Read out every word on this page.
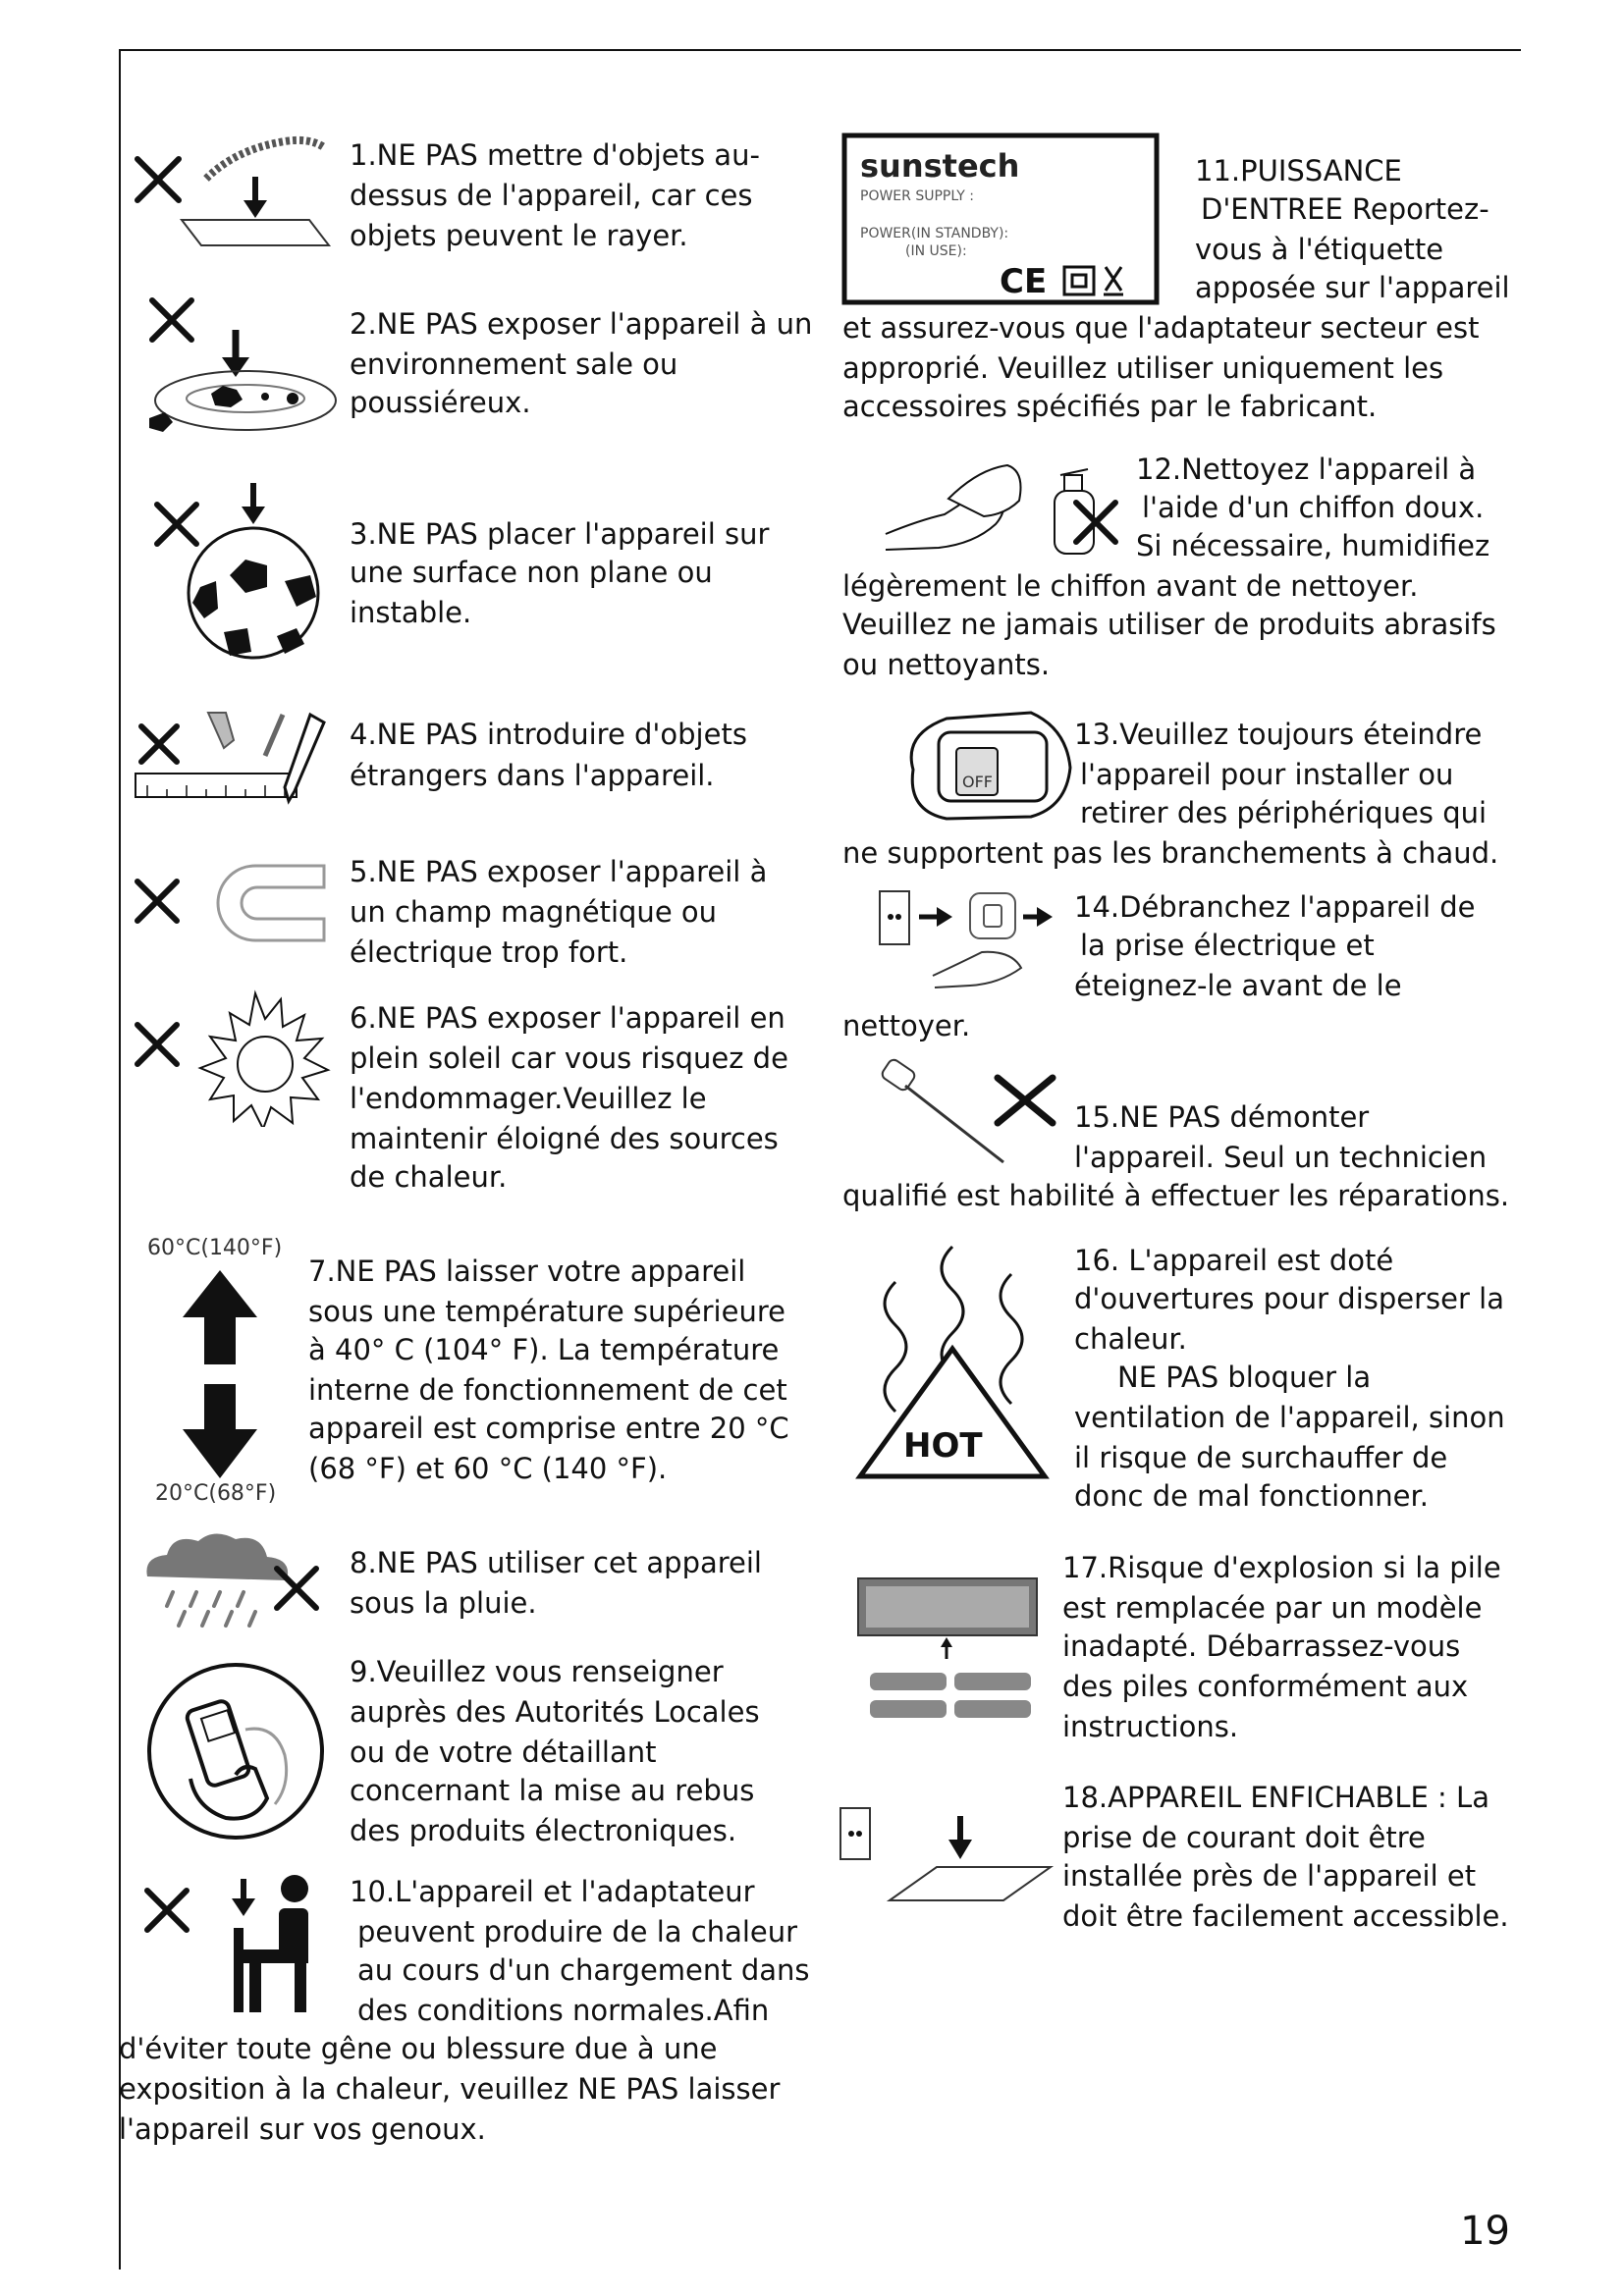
1.NE PAS mettre d'objets au-

dessus de l'appareil, car ces

objets peuvent le rayer.

2.NE PAS exposer l'appareil à un

environnement sale ou

poussiéreux.

3.NE PAS placer l'appareil sur

une surface non plane ou

instable.

4.NE PAS introduire d'objets

étrangers dans l'appareil.

5.NE PAS exposer l'appareil à

un champ magnétique ou

électrique trop fort.

6.NE PAS exposer l'appareil en

plein soleil car vous risquez de

l'endommager.Veuillez le

maintenir éloigné des sources

de chaleur.

7.NE PAS laisser votre appareil

sous une température supérieure

à 40° C (104° F). La température

interne de fonctionnement de cet

appareil est comprise entre 20 °C

(68 °F) et 60 °C (140 °F).

8.NE PAS utiliser cet appareil

sous la pluie.

9.Veuillez vous renseigner

auprès des Autorités Locales

ou de votre détaillant

concernant la mise au rebus

des produits électroniques.

10.L'appareil et l'adaptateur

peuvent produire de la chaleur

au cours d'un chargement dans

des conditions normales.Afin

d'éviter toute gêne ou blessure due à une

exposition à la chaleur, veuillez NE PAS laisser

l'appareil sur vos genoux.

11.PUISSANCE

D'ENTREE Reportez-

vous à l'étiquette

apposée sur l'appareil

et assurez-vous que l'adaptateur secteur est

approprié. Veuillez utiliser uniquement les

accessoires spécifiés par le fabricant.

12.Nettoyez l'appareil à

l'aide d'un chiffon doux.

Si nécessaire, humidifiez

légèrement le chiffon avant de nettoyer.

Veuillez ne jamais utiliser de produits abrasifs

ou nettoyants.

13.Veuillez toujours éteindre

l'appareil pour installer ou

retirer des périphériques qui

ne supportent pas les branchements à chaud.

14.Débranchez l'appareil de

la prise électrique et

éteignez-le avant de le

nettoyer.

15.NE PAS démonter

l'appareil. Seul un technicien

qualifié est habilité à effectuer les réparations.

16. L'appareil est doté

d'ouvertures pour disperser la

chaleur.

NE PAS bloquer la

ventilation de l'appareil, sinon

il risque de surchauffer de

donc de mal fonctionner.

17.Risque d'explosion si la pile

est remplacée par un modèle

inadapté. Débarrassez-vous

des piles conformément aux

instructions.

18.APPAREIL ENFICHABLE : La

prise de courant doit être

installée près de l'appareil et

doit être facilement accessible.

19
60°C(140°F)
20°C(68°F)
sunstech
POWER SUPPLY :
POWER(IN STANDBY):
(IN USE):
CE
OFF
HOT
